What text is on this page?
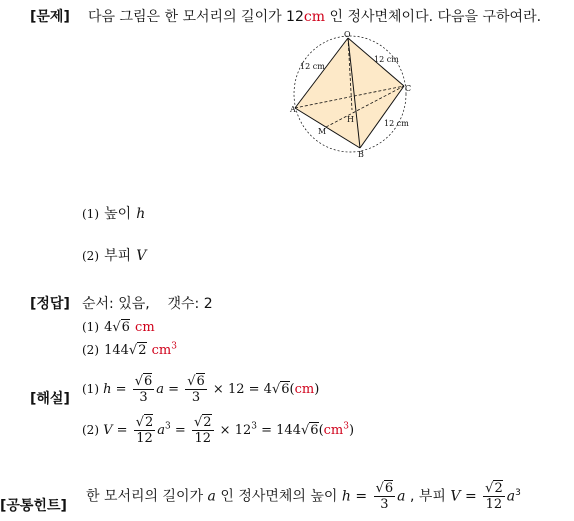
[문제] 다음 그림은 한 모서리의 길이가 12cm 인 정사면체이다. 다음을 구하여라.
O
A
B
C
H
M
12 cm
12 cm
12 cm
(1) 높이 h
(2) 부피 V
[정답] 순서: 있음,    갯수: 2
(1) 4√6 cm
(2) 144√2 $cm^3$
[해설]
(1) $h = \frac{√6}{3}$ $a = \frac{√6}{3} \times 12 = 4√6(cm)$
(2) $V = \frac{√2}{12} a^3 = \frac{√2}{12} \times 12^3 = 144√6(cm^3)$
[공통힌트]
한 모서리의 길이가 a 인 정사면체의 높이 $h = \frac{√6}{3}$ a , 부피 $V = \frac{√2}{12} a^3$
